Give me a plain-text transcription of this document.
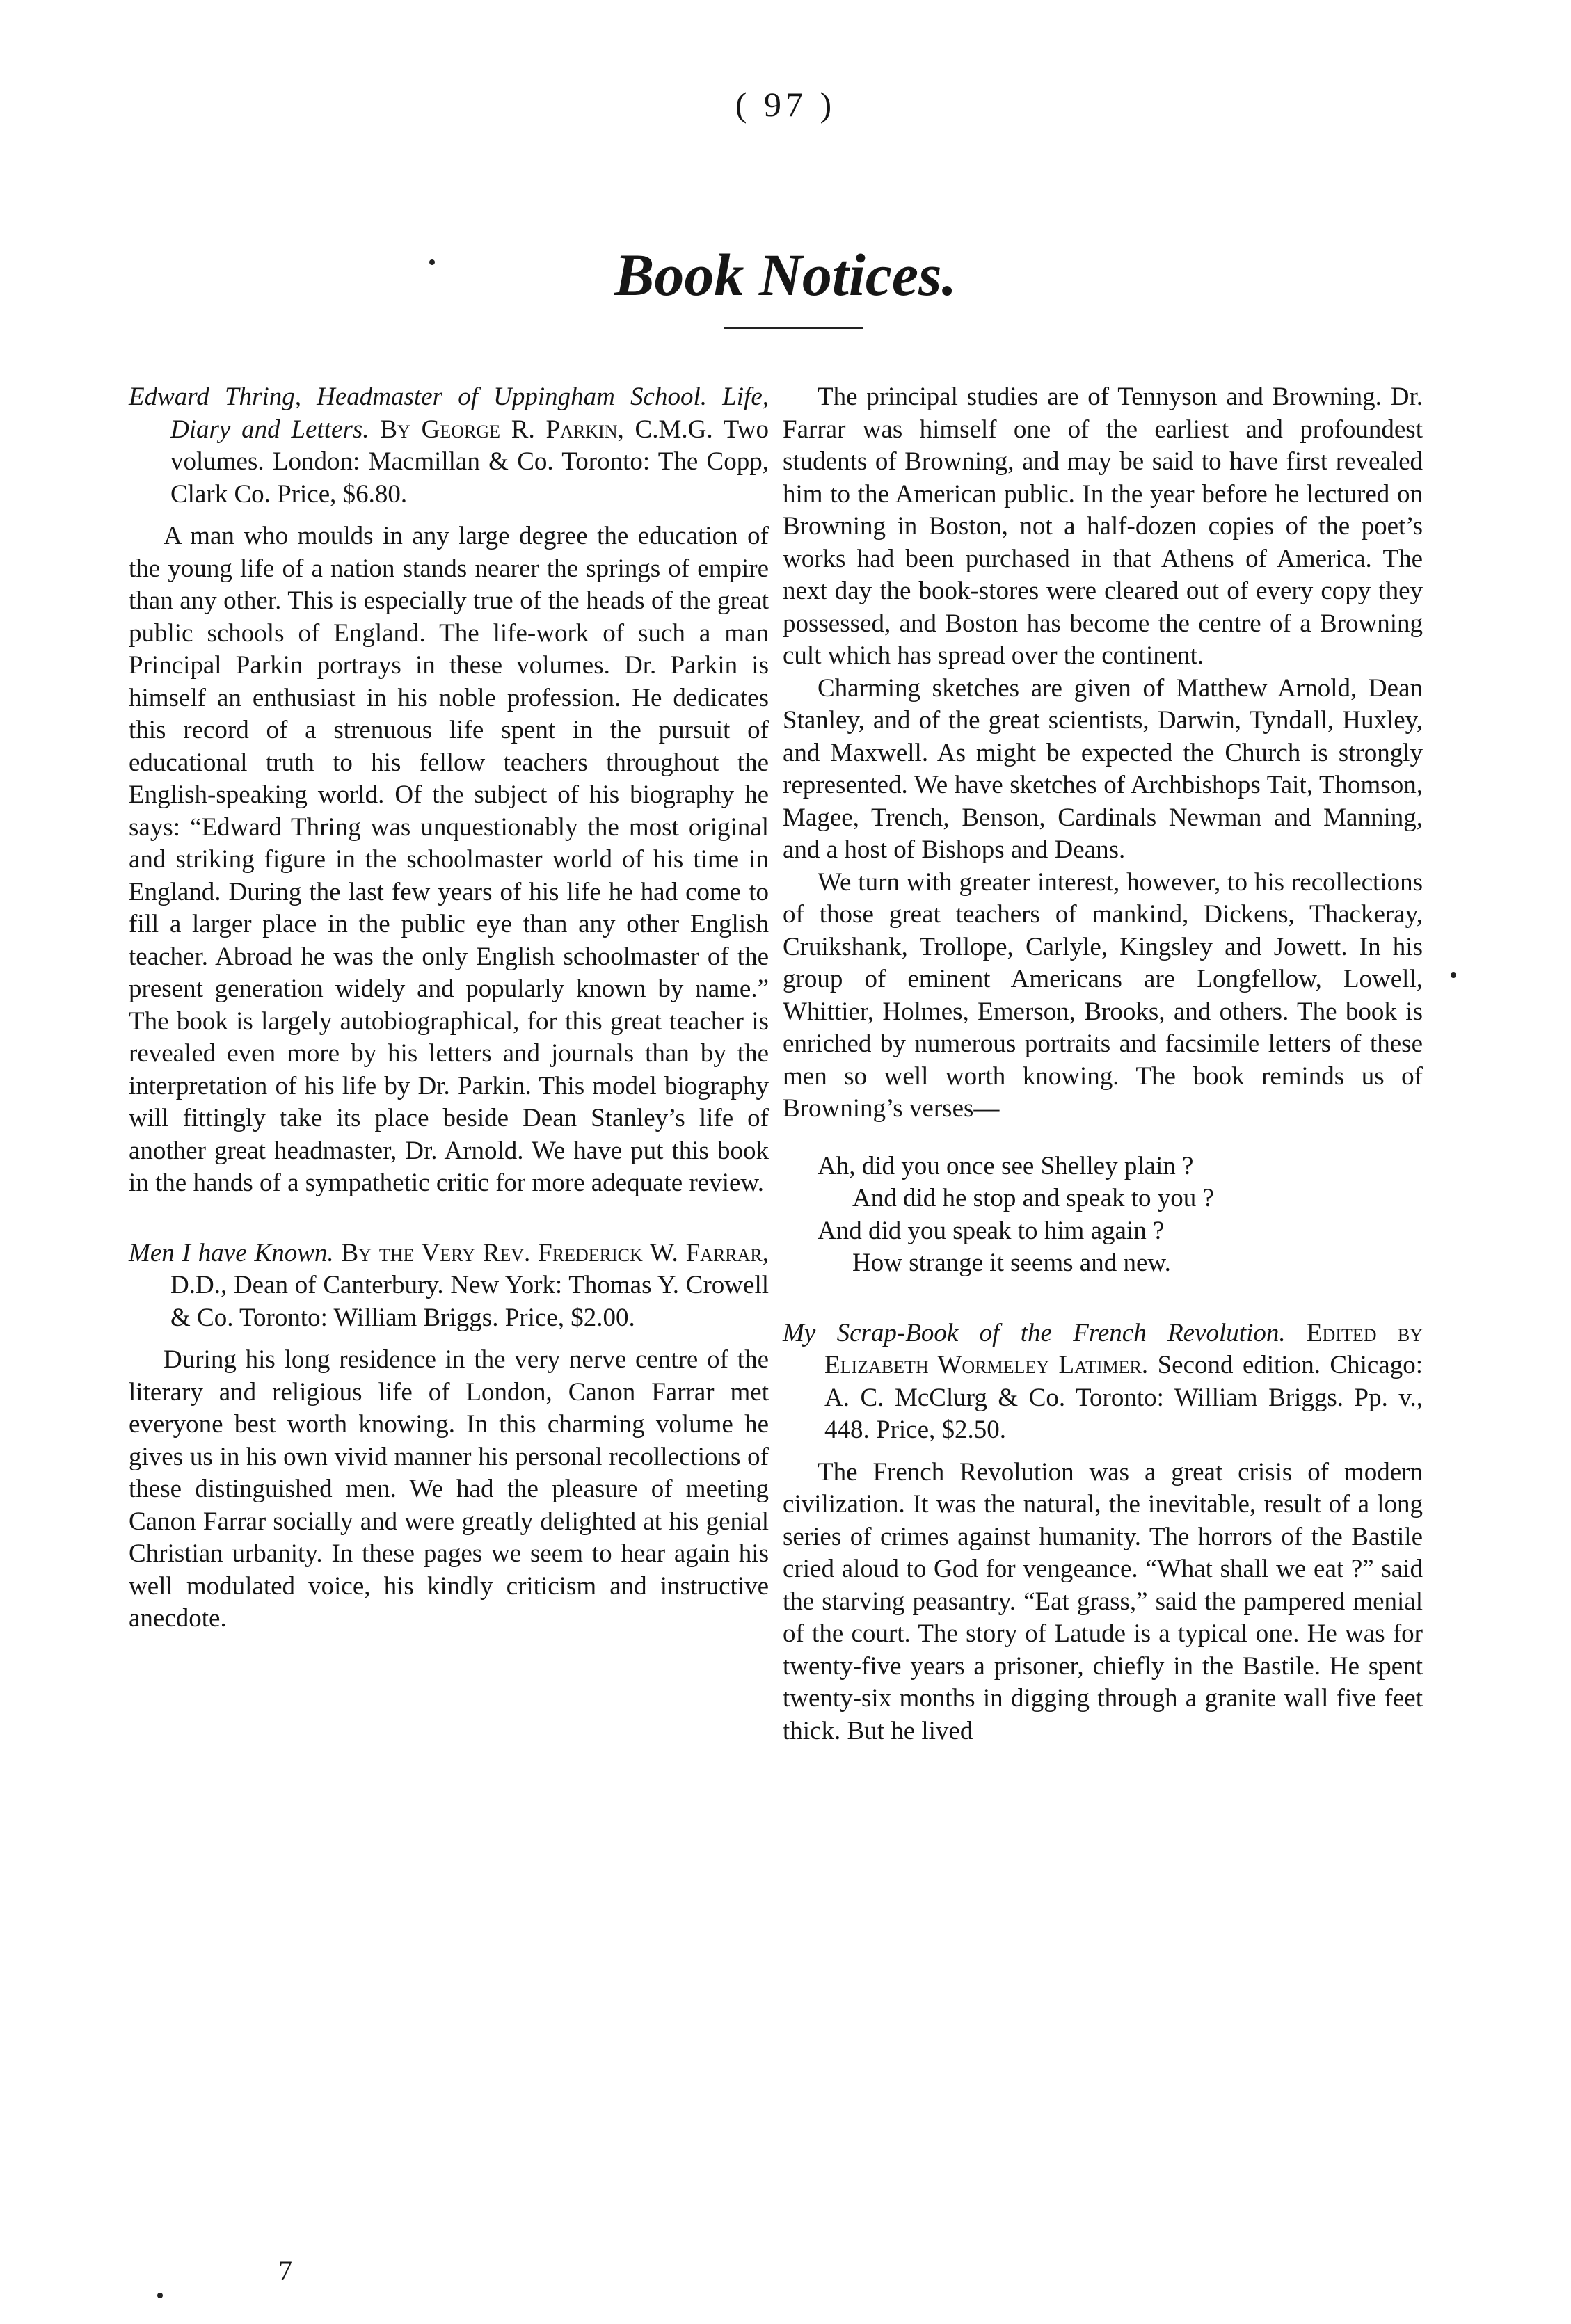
( 97 )
Book Notices.

Edward Thring, Headmaster of Uppingham School. Life, Diary and Letters. By George R. Parkin, C.M.G. Two volumes. London: Macmillan & Co. Toronto: The Copp, Clark Co. Price, $6.80.

A man who moulds in any large degree the education of the young life of a nation stands nearer the springs of empire than any other. This is especially true of the heads of the great public schools of England. The life-work of such a man Principal Parkin portrays in these volumes. Dr. Parkin is himself an enthusiast in his noble profession. He dedicates this record of a strenuous life spent in the pursuit of educational truth to his fellow teachers throughout the English-speaking world. Of the subject of his biography he says: “Edward Thring was unquestionably the most original and striking figure in the schoolmaster world of his time in England. During the last few years of his life he had come to fill a larger place in the public eye than any other English teacher. Abroad he was the only English schoolmaster of the present generation widely and popularly known by name.” The book is largely autobiographical, for this great teacher is revealed even more by his letters and journals than by the interpretation of his life by Dr. Parkin. This model biography will fittingly take its place beside Dean Stanley’s life of another great headmaster, Dr. Arnold. We have put this book in the hands of a sympathetic critic for more adequate review.

Men I have Known. By the Very Rev. Frederick W. Farrar, D.D., Dean of Canterbury. New York: Thomas Y. Crowell & Co. Toronto: William Briggs. Price, $2.00.

During his long residence in the very nerve centre of the literary and religious life of London, Canon Farrar met everyone best worth knowing. In this charming volume he gives us in his own vivid manner his personal recollections of these distinguished men. We had the pleasure of meeting Canon Farrar socially and were greatly delighted at his genial Christian urbanity. In these pages we seem to hear again his well modulated voice, his kindly criticism and instructive anecdote.

The principal studies are of Tennyson and Browning. Dr. Farrar was himself one of the earliest and profoundest students of Browning, and may be said to have first revealed him to the American public. In the year before he lectured on Browning in Boston, not a half-dozen copies of the poet’s works had been purchased in that Athens of America. The next day the book-stores were cleared out of every copy they possessed, and Boston has become the centre of a Browning cult which has spread over the continent.

Charming sketches are given of Matthew Arnold, Dean Stanley, and of the great scientists, Darwin, Tyndall, Huxley, and Maxwell. As might be expected the Church is strongly represented. We have sketches of Archbishops Tait, Thomson, Magee, Trench, Benson, Cardinals Newman and Manning, and a host of Bishops and Deans.

We turn with greater interest, however, to his recollections of those great teachers of mankind, Dickens, Thackeray, Cruikshank, Trollope, Carlyle, Kingsley and Jowett. In his group of eminent Americans are Longfellow, Lowell, Whittier, Holmes, Emerson, Brooks, and others. The book is enriched by numerous portraits and facsimile letters of these men so well worth knowing. The book reminds us of Browning’s verses—

Ah, did you once see Shelley plain ?
And did he stop and speak to you ?
And did you speak to him again ?
How strange it seems and new.

My Scrap-Book of the French Revolution. Edited by Elizabeth Wormeley Latimer. Second edition. Chicago: A. C. McClurg & Co. Toronto: William Briggs. Pp. v., 448. Price, $2.50.

The French Revolution was a great crisis of modern civilization. It was the natural, the inevitable, result of a long series of crimes against humanity. The horrors of the Bastile cried aloud to God for vengeance. “What shall we eat ?” said the starving peasantry. “Eat grass,” said the pampered menial of the court. The story of Latude is a typical one. He was for twenty-five years a prisoner, chiefly in the Bastile. He spent twenty-six months in digging through a granite wall five feet thick. But he lived

7
